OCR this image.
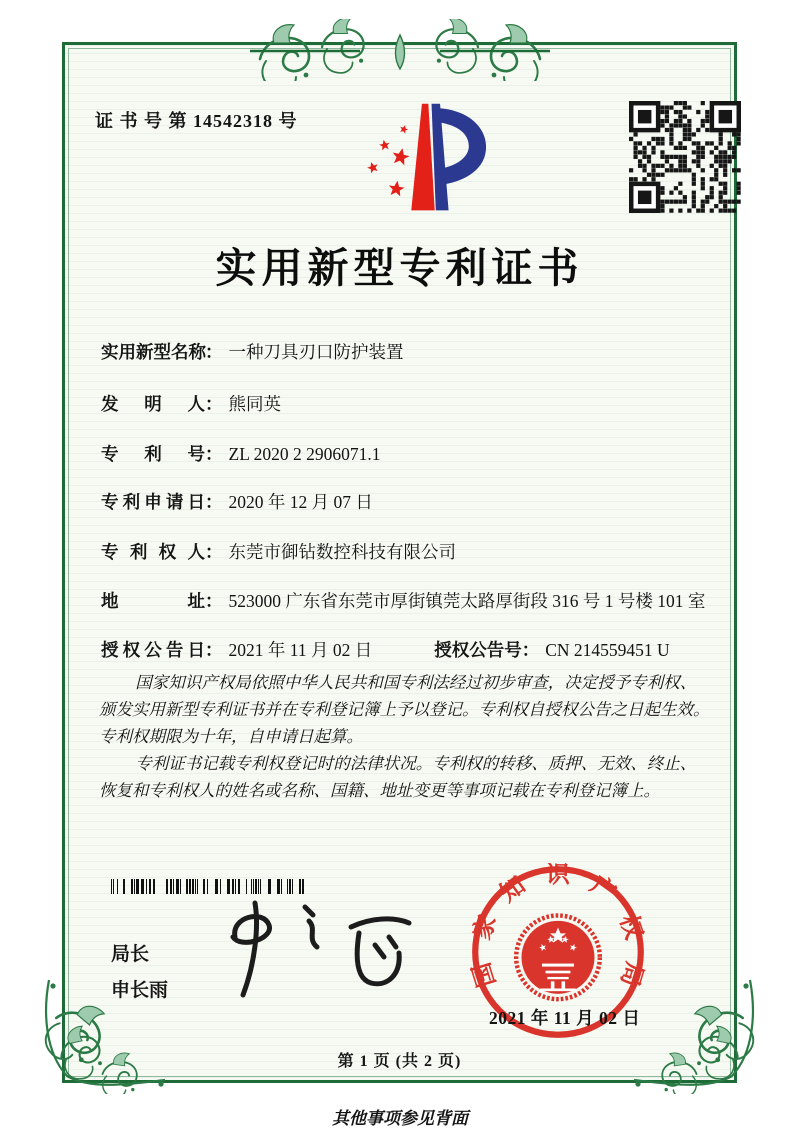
证 书 号 第 14542318 号
实用新型专利证书
实用新型名称： 一种刀具刃口防护装置
发明人： 熊同英
专利号： ZL 2020 2 2906071.1
专利申请日： 2020 年 12 月 07 日
专利权人： 东莞市御钻数控科技有限公司
地址： 523000 广东省东莞市厚街镇莞太路厚街段 316 号 1 号楼 101 室
授权公告日： 2021 年 11 月 02 日	授权公告号： CN 214559451 U

国家知识产权局依照中华人民共和国专利法经过初步审查，决定授予专利权、颁发实用新型专利证书并在专利登记簿上予以登记。专利权自授权公告之日起生效。专利权期限为十年，自申请日起算。

专利证书记载专利权登记时的法律状况。专利权的转移、质押、无效、终止、恢复和专利权人的姓名或名称、国籍、地址变更等事项记载在专利登记簿上。

局长
申长雨
国家知识产权局
2021 年 11 月 02 日
第 1 页 (共 2 页)
其他事项参见背面
